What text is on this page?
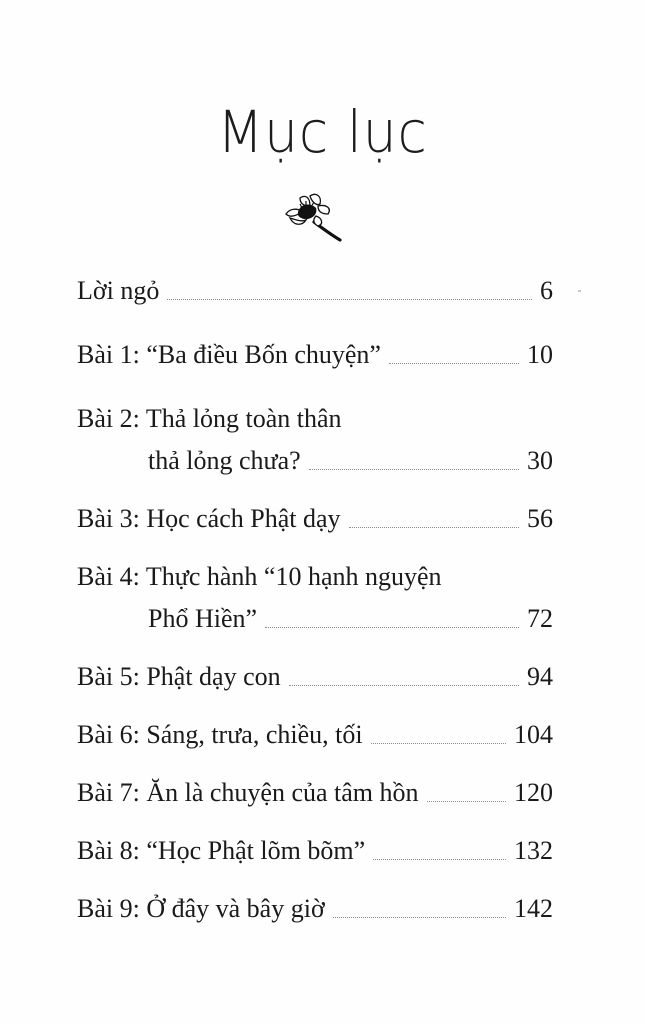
Mục lục
Lời ngỏ	6
Bài 1: “Ba điều Bốn chuyện”	10
Bài 2: Thả lỏng toàn thân
thả lỏng chưa?	30
Bài 3: Học cách Phật dạy	56
Bài 4: Thực hành “10 hạnh nguyện
Phổ Hiền”	72
Bài 5: Phật dạy con	94
Bài 6: Sáng, trưa, chiều, tối	104
Bài 7: Ăn là chuyện của tâm hồn	120
Bài 8: “Học Phật lõm bõm”	132
Bài 9: Ở đây và bây giờ	142
